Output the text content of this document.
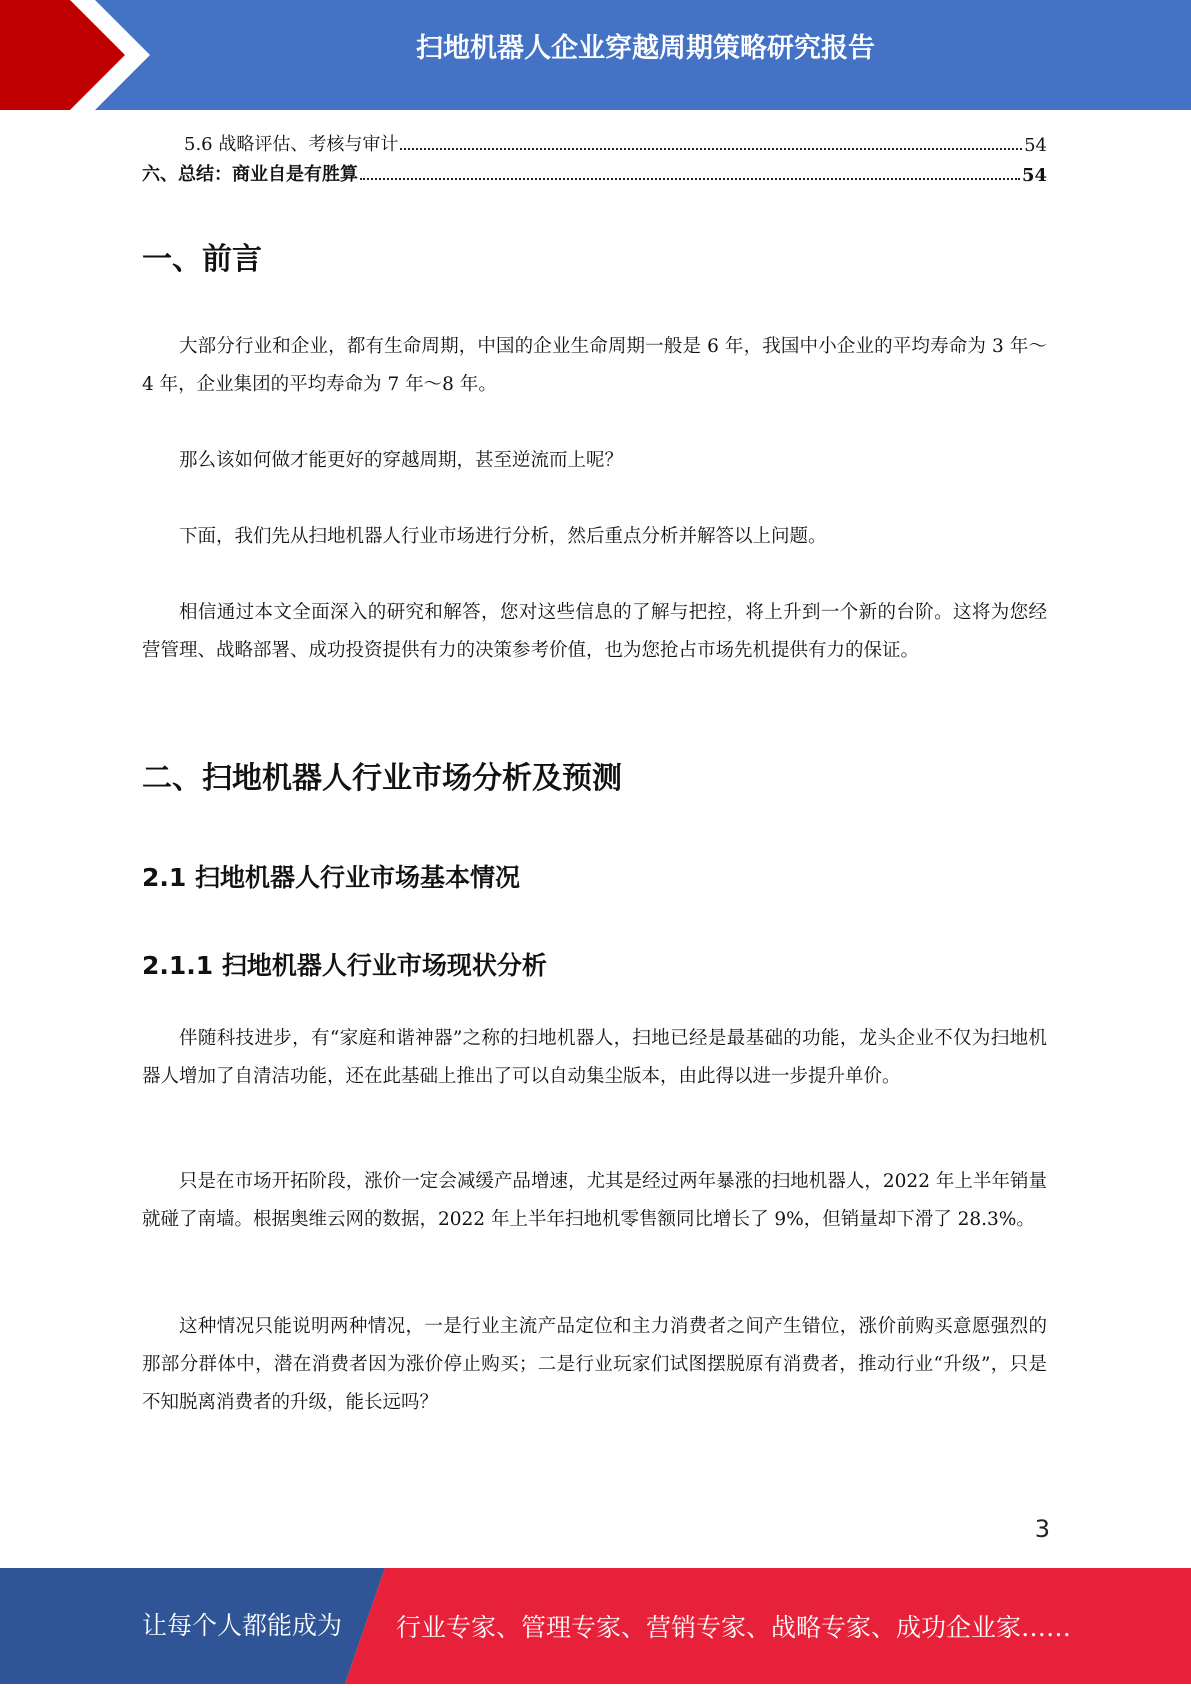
扫地机器人企业穿越周期策略研究报告
5.6 战略评估、考核与审计	54
六、总结：商业自是有胜算	54
一、前言

大部分行业和企业，都有生命周期，中国的企业生命周期一般是 6 年，我国中小企业的平均寿命为 3 年～4 年，企业集团的平均寿命为 7 年～8 年。

那么该如何做才能更好的穿越周期，甚至逆流而上呢？

下面，我们先从扫地机器人行业市场进行分析，然后重点分析并解答以上问题。

相信通过本文全面深入的研究和解答，您对这些信息的了解与把控，将上升到一个新的台阶。这将为您经营管理、战略部署、成功投资提供有力的决策参考价值，也为您抢占市场先机提供有力的保证。

二、扫地机器人行业市场分析及预测
2.1 扫地机器人行业市场基本情况
2.1.1 扫地机器人行业市场现状分析

伴随科技进步，有“家庭和谐神器”之称的扫地机器人，扫地已经是最基础的功能，龙头企业不仅为扫地机器人增加了自清洁功能，还在此基础上推出了可以自动集尘版本，由此得以进一步提升单价。

只是在市场开拓阶段，涨价一定会减缓产品增速，尤其是经过两年暴涨的扫地机器人，2022 年上半年销量就碰了南墙。根据奥维云网的数据，2022 年上半年扫地机零售额同比增长了 9%，但销量却下滑了 28.3%。

这种情况只能说明两种情况，一是行业主流产品定位和主力消费者之间产生错位，涨价前购买意愿强烈的那部分群体中，潜在消费者因为涨价停止购买；二是行业玩家们试图摆脱原有消费者，推动行业“升级”，只是不知脱离消费者的升级，能长远吗？

3
让每个人都能成为 行业专家、管理专家、营销专家、战略专家、成功企业家……
